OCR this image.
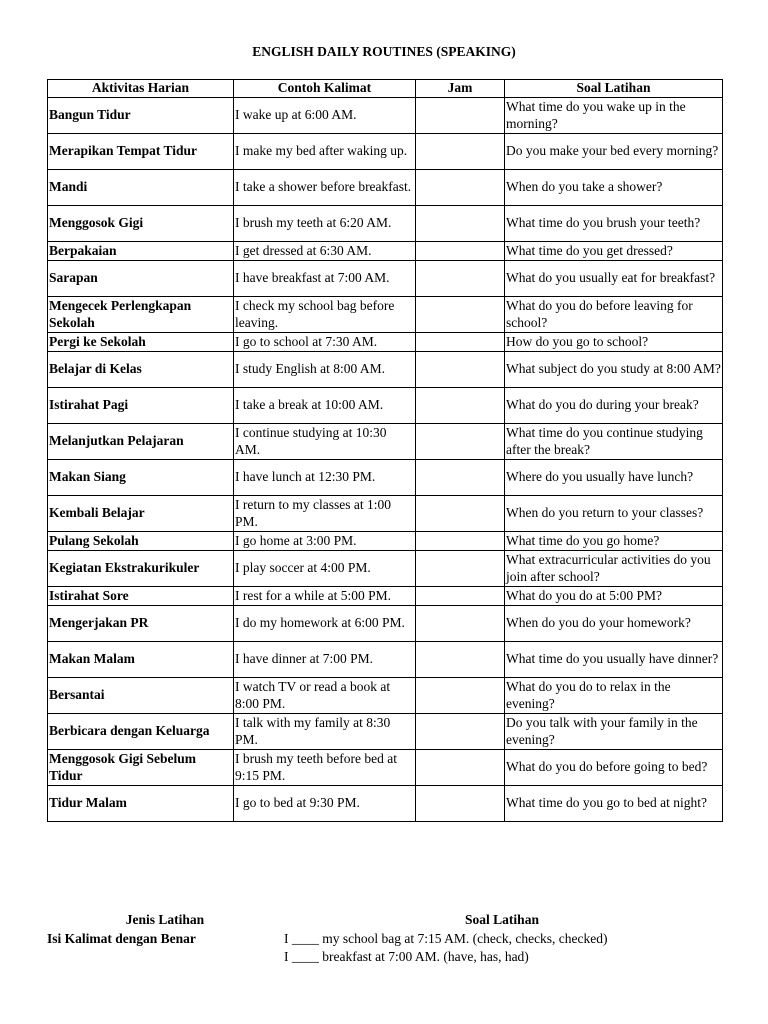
ENGLISH DAILY ROUTINES (SPEAKING)
Aktivitas Harian	Contoh Kalimat	Jam	Soal Latihan
Bangun Tidur	I wake up at 6:00 AM.		What time do you wake up in the morning?
Merapikan Tempat Tidur	I make my bed after waking up.		Do you make your bed every morning?
Mandi	I take a shower before breakfast.		When do you take a shower?
Menggosok Gigi	I brush my teeth at 6:20 AM.		What time do you brush your teeth?
Berpakaian	I get dressed at 6:30 AM.		What time do you get dressed?
Sarapan	I have breakfast at 7:00 AM.		What do you usually eat for breakfast?
Mengecek Perlengkapan Sekolah	I check my school bag before leaving.		What do you do before leaving for school?
Pergi ke Sekolah	I go to school at 7:30 AM.		How do you go to school?
Belajar di Kelas	I study English at 8:00 AM.		What subject do you study at 8:00 AM?
Istirahat Pagi	I take a break at 10:00 AM.		What do you do during your break?
Melanjutkan Pelajaran	I continue studying at 10:30 AM.		What time do you continue studying after the break?
Makan Siang	I have lunch at 12:30 PM.		Where do you usually have lunch?
Kembali Belajar	I return to my classes at 1:00 PM.		When do you return to your classes?
Pulang Sekolah	I go home at 3:00 PM.		What time do you go home?
Kegiatan Ekstrakurikuler	I play soccer at 4:00 PM.		What extracurricular activities do you join after school?
Istirahat Sore	I rest for a while at 5:00 PM.		What do you do at 5:00 PM?
Mengerjakan PR	I do my homework at 6:00 PM.		When do you do your homework?
Makan Malam	I have dinner at 7:00 PM.		What time do you usually have dinner?
Bersantai	I watch TV or read a book at 8:00 PM.		What do you do to relax in the evening?
Berbicara dengan Keluarga	I talk with my family at 8:30 PM.		Do you talk with your family in the evening?
Menggosok Gigi Sebelum Tidur	I brush my teeth before bed at 9:15 PM.		What do you do before going to bed?
Tidur Malam	I go to bed at 9:30 PM.		What time do you go to bed at night?
Jenis Latihan
Isi Kalimat dengan Benar
Soal Latihan
I ____ my school bag at 7:15 AM. (check, checks, checked)
I ____ breakfast at 7:00 AM. (have, has, had)
